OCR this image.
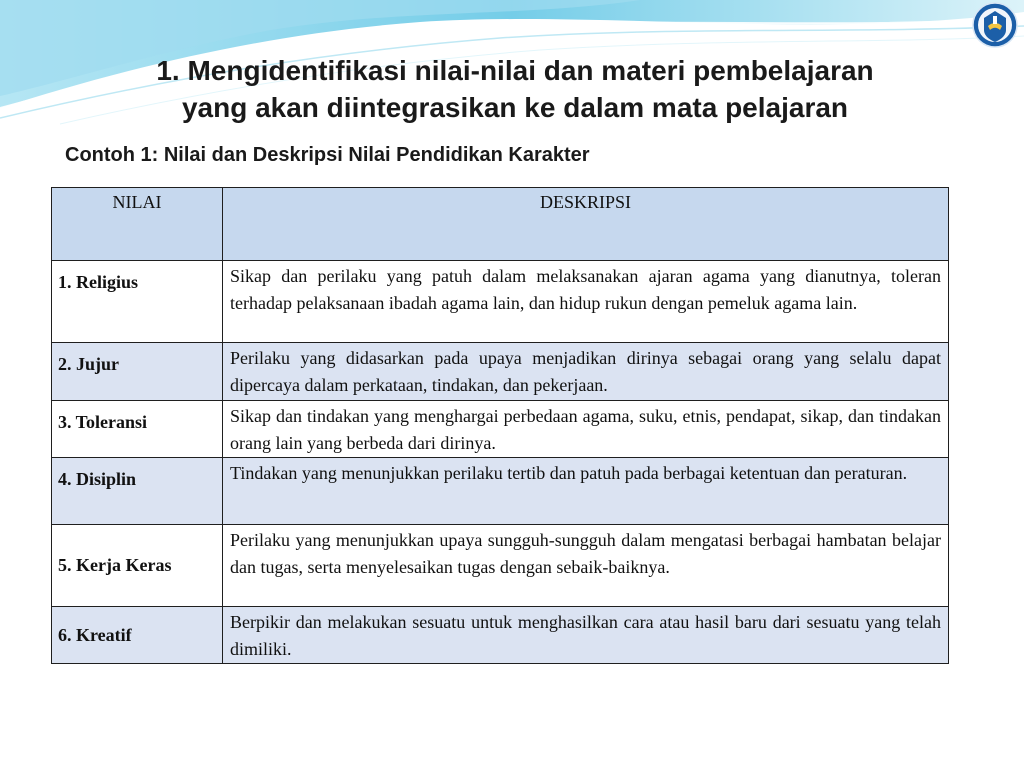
1. Mengidentifikasi nilai-nilai dan materi pembelajaran
yang akan diintegrasikan ke dalam mata pelajaran
Contoh 1: Nilai dan Deskripsi Nilai Pendidikan Karakter
NILAI	DESKRIPSI
1. Religius	Sikap dan perilaku yang patuh dalam melaksanakan ajaran agama yang dianutnya, toleran terhadap pelaksanaan ibadah agama lain, dan hidup rukun dengan pemeluk agama lain.
2. Jujur	Perilaku yang didasarkan pada upaya menjadikan dirinya sebagai orang yang selalu dapat dipercaya dalam perkataan, tindakan, dan pekerjaan.
3. Toleransi	Sikap dan tindakan yang menghargai perbedaan agama, suku, etnis, pendapat, sikap, dan tindakan orang lain yang berbeda dari dirinya.
4. Disiplin	Tindakan yang menunjukkan perilaku tertib dan patuh pada berbagai ketentuan dan peraturan.
5. Kerja Keras	Perilaku yang menunjukkan upaya sungguh-sungguh dalam mengatasi berbagai hambatan belajar dan tugas, serta menyelesaikan tugas dengan sebaik-baiknya.
6. Kreatif	Berpikir dan melakukan sesuatu untuk menghasilkan cara atau hasil baru dari sesuatu yang telah dimiliki.
